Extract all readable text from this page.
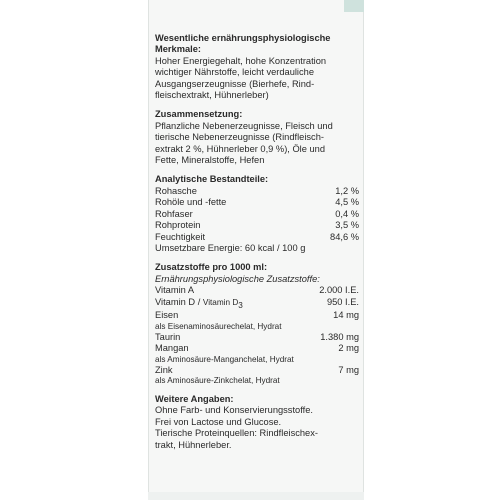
Wesentliche ernährungsphysiologische
Merkmale:
Hoher Energiegehalt, hohe Konzentration
wichtiger Nährstoffe, leicht verdauliche
Ausgangserzeugnisse (Bierhefe, Rind-
fleischextrakt, Hühnerleber)
Zusammensetzung:
Pflanzliche Nebenerzeugnisse, Fleisch und
tierische Nebenerzeugnisse (Rindfleisch-
extrakt 2 %, Hühnerleber 0,9 %), Öle und
Fette, Mineralstoffe, Hefen
Analytische Bestandteile:
Rohasche	1,2 %
Rohöle und -fette	4,5 %
Rohfaser	0,4 %
Rohprotein	3,5 %
Feuchtigkeit	84,6 %
Umsetzbare Energie: 60 kcal / 100 g
Zusatzstoffe pro 1000 ml:
Ernährungsphysiologische Zusatzstoffe:
Vitamin A	2.000 I.E.
Vitamin D / Vitamin $D_3$	950 I.E.
Eisen	14 mg
als Eisenaminosäurechelat, Hydrat
Taurin	1.380 mg
Mangan	2 mg
als Aminosäure-Manganchelat, Hydrat
Zink	7 mg
als Aminosäure-Zinkchelat, Hydrat
Weitere Angaben:
Ohne Farb- und Konservierungsstoffe.
Frei von Lactose und Glucose.
Tierische Proteinquellen: Rindfleischex-
trakt, Hühnerleber.
